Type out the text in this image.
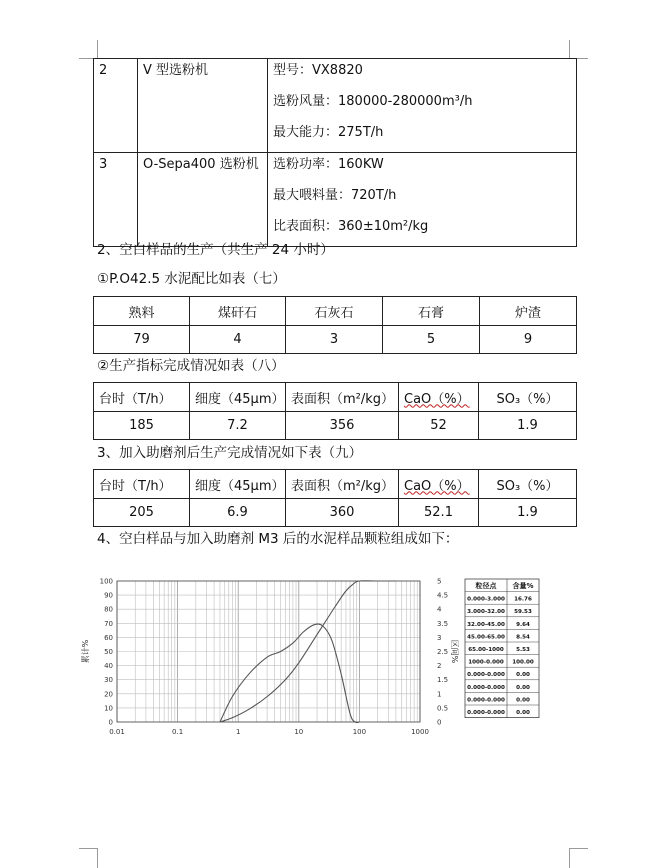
2	V 型选粉机	型号：VX8820
选粉风量：180000-280000m³/h
最大能力：275T/h

3	O-Sepa400 选粉机	选粉功率：160KW
最大喂料量：720T/h
比表面积：360±10m²/kg
2、空白样品的生产（共生产 24 小时）
①P.O42.5 水泥配比如表（七）
熟料	煤矸石	石灰石	石膏	炉渣
79	4	3	5	9
②生产指标完成情况如表（八）
台时（T/h）	细度（45μm）	表面积（m²/kg）	CaO（%）	SO₃（%）
185	7.2	356	52	1.9
3、加入助磨剂后生产完成情况如下表（九）
台时（T/h）	细度（45μm）	表面积（m²/kg）	CaO（%）	SO₃（%）
205	6.9	360	52.1	1.9
4、空白样品与加入助磨剂 M3 后的水泥样品颗粒组成如下：
0.01	0.1	1	10	100	1000
0
10
20
30
40
50
60
70
80
90
100
0
0.5
1
1.5
2
2.5
3
3.5
4
4.5
5
累计%	区间%
粒径点 含量%
0.000-3.000 16.76
3.000-32.00 59.53
32.00-45.00 9.64
45.00-65.00 8.54
65.00-1000 5.53
1000-0.000 100.00
0.000-0.000 0.00
0.000-0.000 0.00
0.000-0.000 0.00
0.000-0.000 0.00
